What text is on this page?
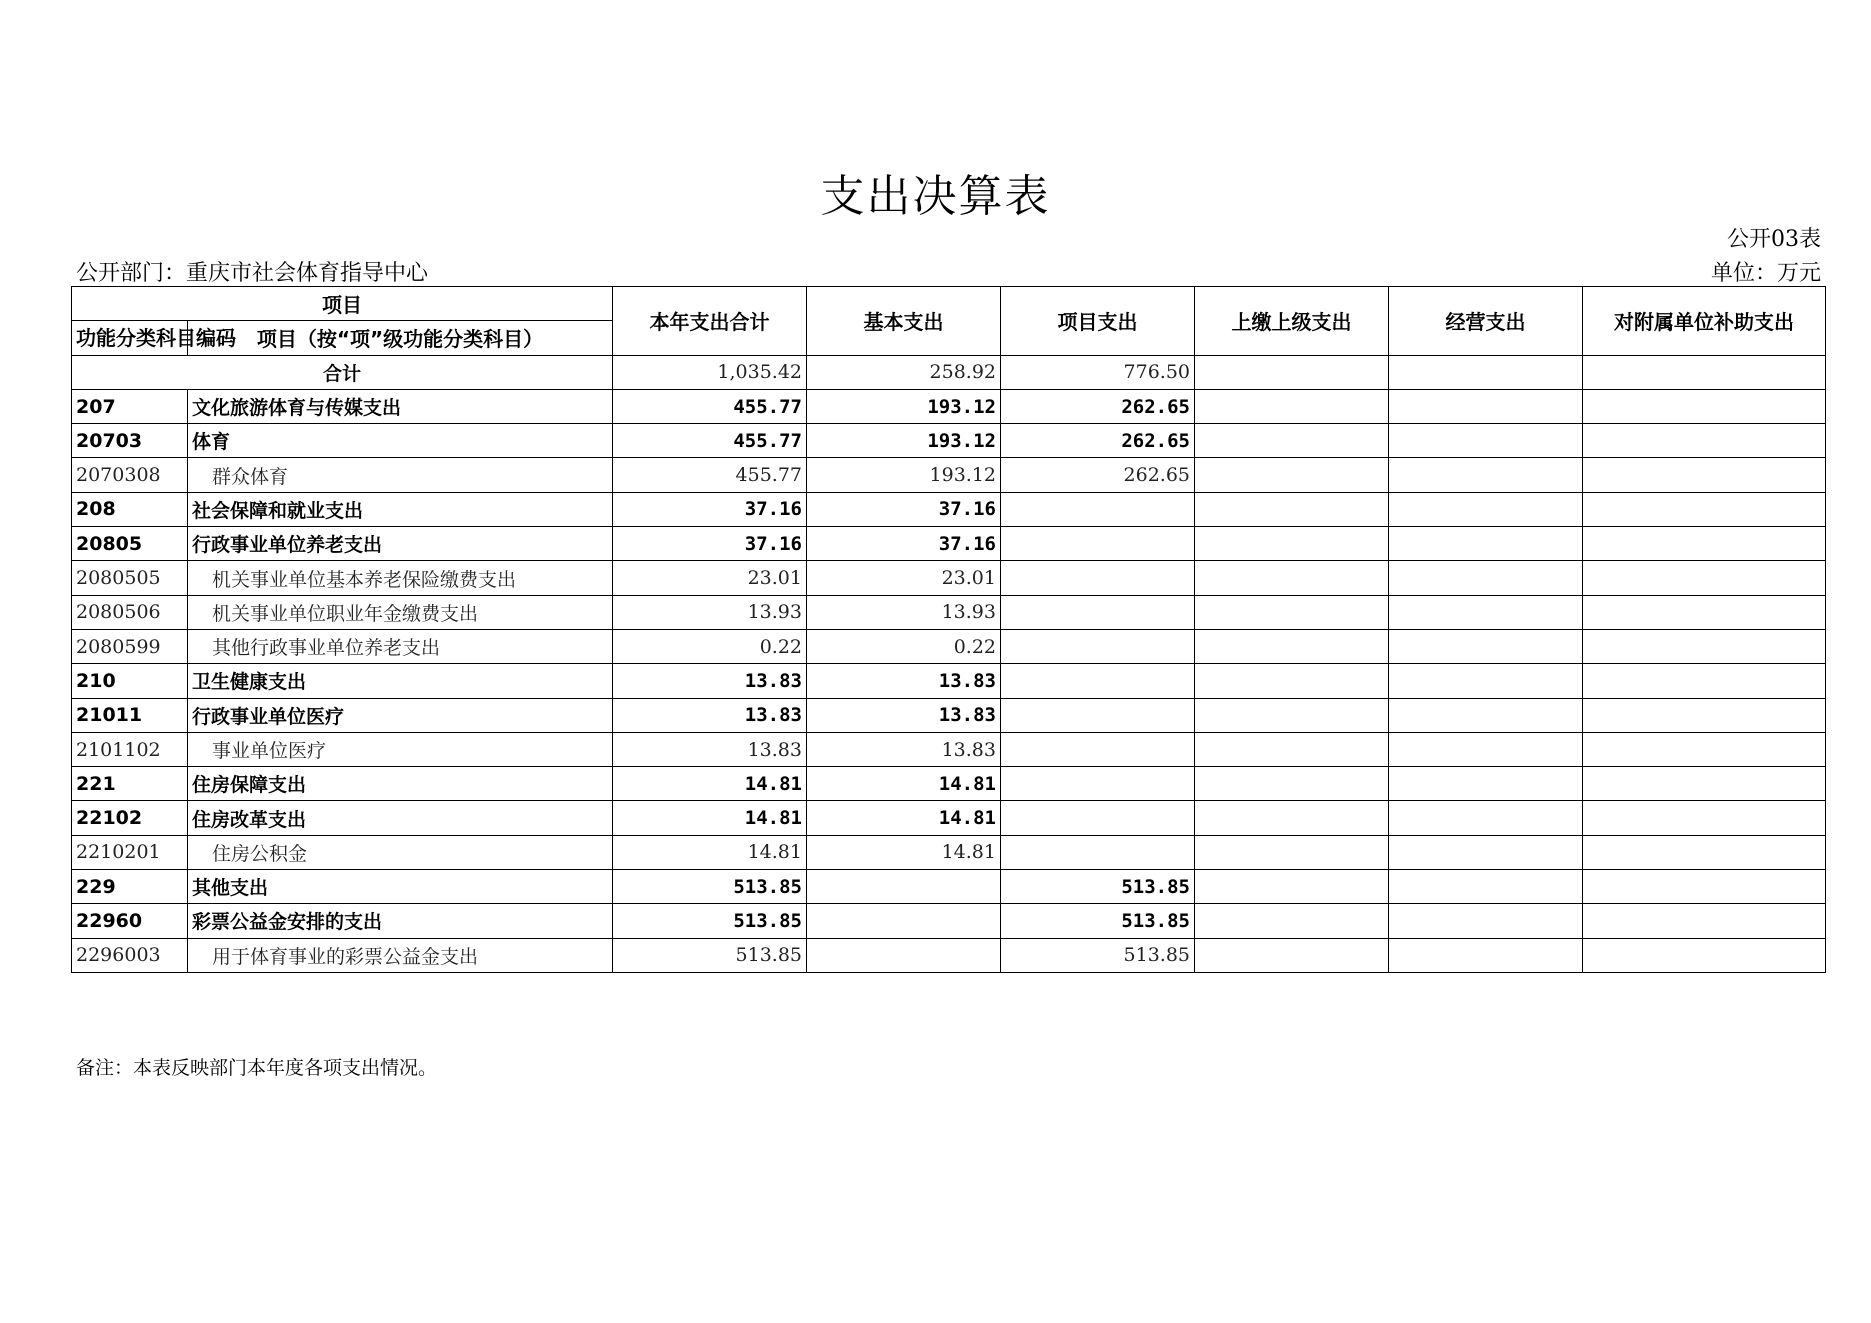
支出决算表
公开03表
公开部门：重庆市社会体育指导中心	单位：万元
项目		本年支出合计	基本支出	项目支出	上缴上级支出	经营支出	对附属单位补助支出
功能分类科目编码	项目（按“项”级功能分类科目）						
合计		1,035.42	258.92	776.50			
207	文化旅游体育与传媒支出	455.77	193.12	262.65			
20703	体育	455.77	193.12	262.65			
2070308	群众体育	455.77	193.12	262.65			
208	社会保障和就业支出	37.16	37.16				
20805	行政事业单位养老支出	37.16	37.16				
2080505	机关事业单位基本养老保险缴费支出	23.01	23.01				
2080506	机关事业单位职业年金缴费支出	13.93	13.93				
2080599	其他行政事业单位养老支出	0.22	0.22				
210	卫生健康支出	13.83	13.83				
21011	行政事业单位医疗	13.83	13.83				
2101102	事业单位医疗	13.83	13.83				
221	住房保障支出	14.81	14.81				
22102	住房改革支出	14.81	14.81				
2210201	住房公积金	14.81	14.81				
229	其他支出	513.85		513.85			
22960	彩票公益金安排的支出	513.85		513.85			
2296003	用于体育事业的彩票公益金支出	513.85		513.85			
备注：本表反映部门本年度各项支出情况。
